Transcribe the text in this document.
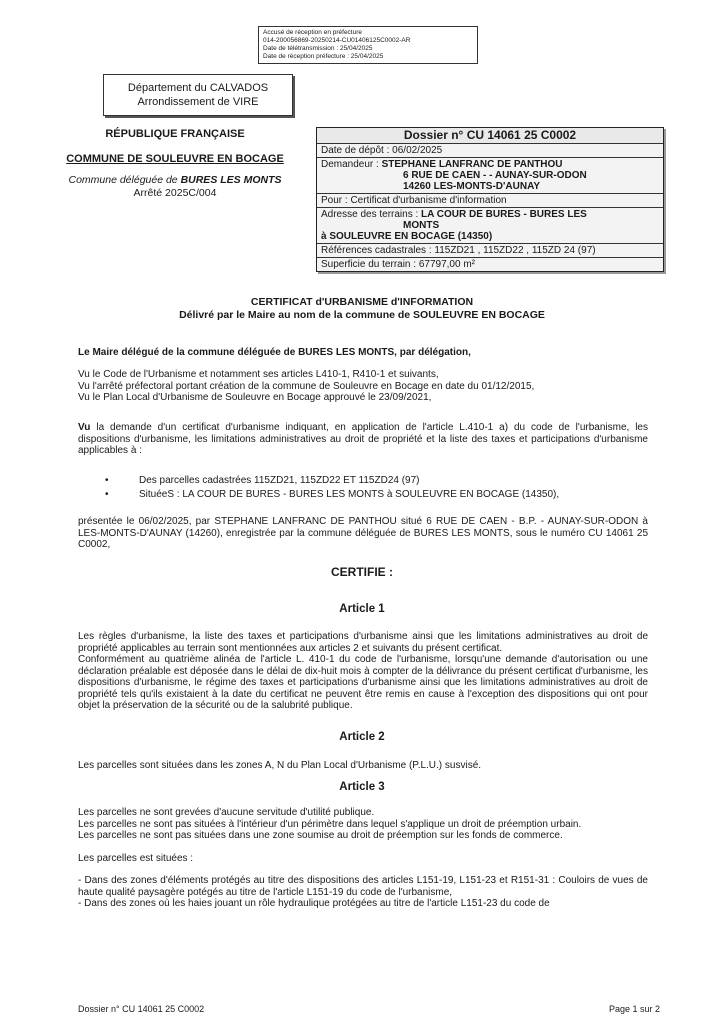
Accusé de réception en préfecture
014-200056869-20250214-CU01406125C0002-AR
Date de télétransmission : 25/04/2025
Date de réception préfecture : 25/04/2025
Département du CALVADOS
Arrondissement de VIRE
RÉPUBLIQUE FRANÇAISE
COMMUNE DE SOULEUVRE EN BOCAGE
Commune déléguée de BURES LES MONTS
Arrêté 2025C/004
Dossier n° CU 14061 25 C0002
Date de dépôt : 06/02/2025
Demandeur : STEPHANE LANFRANC DE PANTHOU
6 RUE DE CAEN - - AUNAY-SUR-ODON
14260 LES-MONTS-D'AUNAY
Pour : Certificat d'urbanisme d'information
Adresse des terrains : LA COUR DE BURES - BURES LES
MONTS
à SOULEUVRE EN BOCAGE (14350)
Références cadastrales : 115ZD21 , 115ZD22 , 115ZD 24 (97)
Superficie du terrain : 67797,00 m²
CERTIFICAT d'URBANISME d'INFORMATION
Délivré par le Maire au nom de la commune de SOULEUVRE EN BOCAGE
Le Maire délégué de la commune déléguée de BURES LES MONTS, par délégation,
Vu le Code de l'Urbanisme et notamment ses articles L410-1, R410-1 et suivants,
Vu l'arrêté préfectoral portant création de la commune de Souleuvre en Bocage en date du 01/12/2015,
Vu le Plan Local d'Urbanisme de Souleuvre en Bocage approuvé le 23/09/2021,
Vu la demande d'un certificat d'urbanisme indiquant, en application de l'article L.410-1 a) du code de l'urbanisme, les dispositions d'urbanisme, les limitations administratives au droit de propriété et la liste des taxes et participations d'urbanisme applicables à :
•	Des parcelles cadastrées 115ZD21, 115ZD22 ET 115ZD24 (97)
•	SituéeS : LA COUR DE BURES - BURES LES MONTS à SOULEUVRE EN BOCAGE (14350),
présentée le 06/02/2025, par STEPHANE LANFRANC DE PANTHOU situé 6 RUE DE CAEN - B.P. - AUNAY-SUR-ODON à LES-MONTS-D'AUNAY (14260), enregistrée par la commune déléguée de BURES LES MONTS, sous le numéro CU 14061 25 C0002,
CERTIFIE :
Article 1
Les règles d'urbanisme, la liste des taxes et participations d'urbanisme ainsi que les limitations administratives au droit de propriété applicables au terrain sont mentionnées aux articles 2 et suivants du présent certificat.
Conformément au quatrième alinéa de l'article L. 410-1 du code de l'urbanisme, lorsqu'une demande d'autorisation ou une déclaration préalable est déposée dans le délai de dix-huit mois à compter de la délivrance du présent certificat d'urbanisme, les dispositions d'urbanisme, le régime des taxes et participations d'urbanisme ainsi que les limitations administratives au droit de propriété tels qu'ils existaient à la date du certificat ne peuvent être remis en cause à l'exception des dispositions qui ont pour objet la préservation de la sécurité ou de la salubrité publique.
Article 2
Les parcelles sont situées dans les zones A, N du Plan Local d'Urbanisme (P.L.U.) susvisé.
Article 3
Les parcelles ne sont grevées d'aucune servitude d'utilité publique.
Les parcelles ne sont pas situées à l'intérieur d'un périmètre dans lequel s'applique un droit de préemption urbain.
Les parcelles ne sont pas situées dans une zone soumise au droit de préemption sur les fonds de commerce.
Les parcelles est situées :
- Dans des zones d'éléments protégés au titre des dispositions des articles L151-19, L151-23 et R151-31 : Couloirs de vues de haute qualité paysagère potégés au titre de l'article L151-19 du code de l'urbanisme,
- Dans des zones où les haies jouant un rôle hydraulique protégées au titre de l'article L151-23 du code de
Dossier n° CU 14061 25 C0002	Page 1 sur 2
